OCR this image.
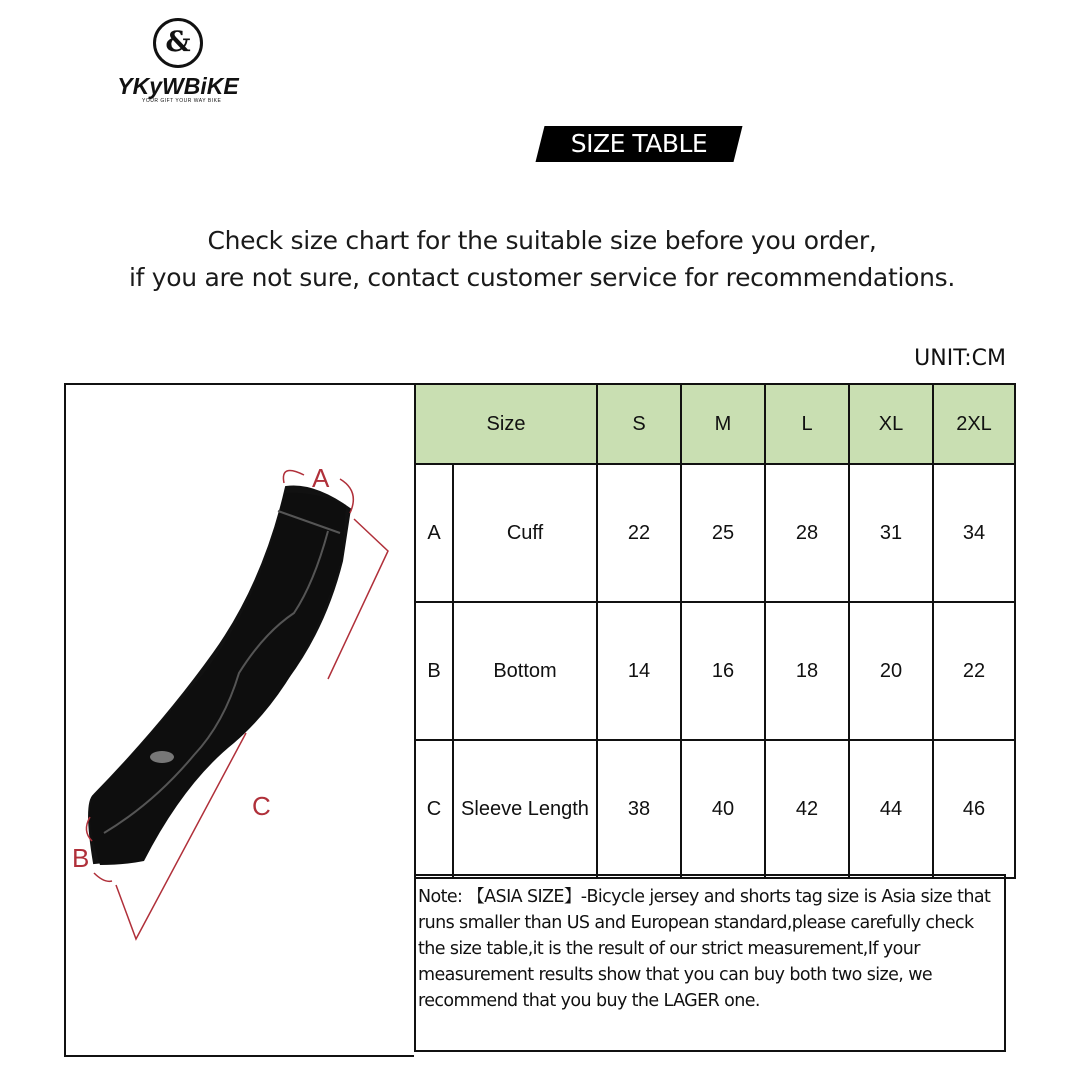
&
YKyWBiKE
YOUR GIFT YOUR WAY BIKE
SIZE TABLE
Check size chart for the suitable size before you order,
if you are not sure, contact customer service for recommendations.
UNIT:CM
A
B
C
Size		S	M	L	XL	2XL
A	Cuff	22	25	28	31	34
B	Bottom	14	16	18	20	22
C	Sleeve Length	38	40	42	44	46
Note: 【ASIA SIZE】-Bicycle jersey and shorts tag size is Asia size that runs smaller than US and European standard,please carefully check the size table,it is the result of our strict measurement,If your measurement results show that you can buy both two size, we recommend that you buy the LAGER one.
